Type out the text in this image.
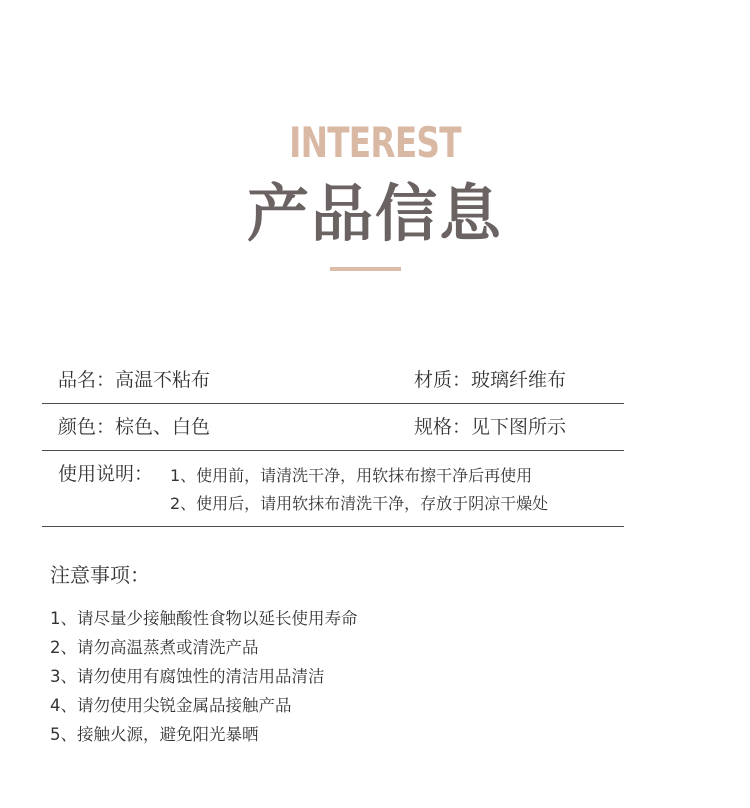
INTEREST
产品信息
品名：高温不粘布	材质：玻璃纤维布
颜色：棕色、白色	规格：见下图所示
使用说明： 1、使用前，请清洗干净，用软抹布擦干净后再使用
2、使用后，请用软抹布清洗干净，存放于阴凉干燥处
注意事项：
1、请尽量少接触酸性食物以延长使用寿命
2、请勿高温蒸煮或清洗产品
3、请勿使用有腐蚀性的清洁用品清洁
4、请勿使用尖锐金属品接触产品
5、接触火源，避免阳光暴晒
